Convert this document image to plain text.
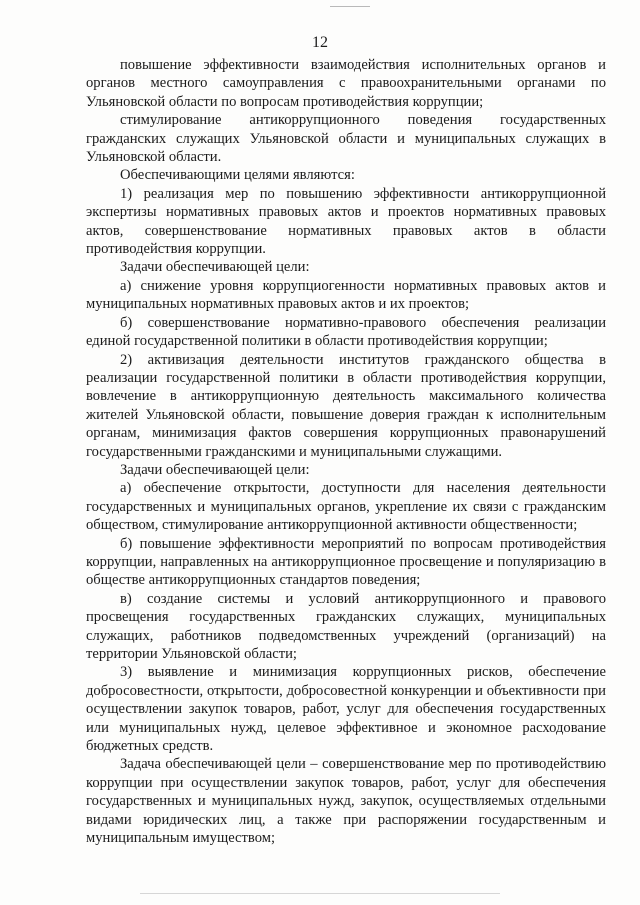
12

повышение эффективности взаимодействия исполнительных органов и органов местного самоуправления с правоохранительными органами по Ульяновской области по вопросам противодействия коррупции;

стимулирование антикоррупционного поведения государственных гражданских служащих Ульяновской области и муниципальных служащих в Ульяновской области.

Обеспечивающими целями являются:

1) реализация мер по повышению эффективности антикоррупционной экспертизы нормативных правовых актов и проектов нормативных правовых актов, совершенствование нормативных правовых актов в области противодействия коррупции.

Задачи обеспечивающей цели:

а) снижение уровня коррупциогенности нормативных правовых актов и муниципальных нормативных правовых актов и их проектов;

б) совершенствование нормативно-правового обеспечения реализации единой государственной политики в области противодействия коррупции;

2) активизация деятельности институтов гражданского общества в реализации государственной политики в области противодействия коррупции, вовлечение в антикоррупционную деятельность максимального количества жителей Ульяновской области, повышение доверия граждан к исполнительным органам, минимизация фактов совершения коррупционных правонарушений государственными гражданскими и муниципальными служащими.

Задачи обеспечивающей цели:

а) обеспечение открытости, доступности для населения деятельности государственных и муниципальных органов, укрепление их связи с гражданским обществом, стимулирование антикоррупционной активности общественности;

б) повышение эффективности мероприятий по вопросам противодействия коррупции, направленных на антикоррупционное просвещение и популяризацию в обществе антикоррупционных стандартов поведения;

в) создание системы и условий антикоррупционного и правового просвещения государственных гражданских служащих, муниципальных служащих, работников подведомственных учреждений (организаций) на территории Ульяновской области;

3) выявление и минимизация коррупционных рисков, обеспечение добросовестности, открытости, добросовестной конкуренции и объективности при осуществлении закупок товаров, работ, услуг для обеспечения государственных или муниципальных нужд, целевое эффективное и экономное расходование бюджетных средств.

Задача обеспечивающей цели – совершенствование мер по противодействию коррупции при осуществлении закупок товаров, работ, услуг для обеспечения государственных и муниципальных нужд, закупок, осуществляемых отдельными видами юридических лиц, а также при распоряжении государственным и муниципальным имуществом;
